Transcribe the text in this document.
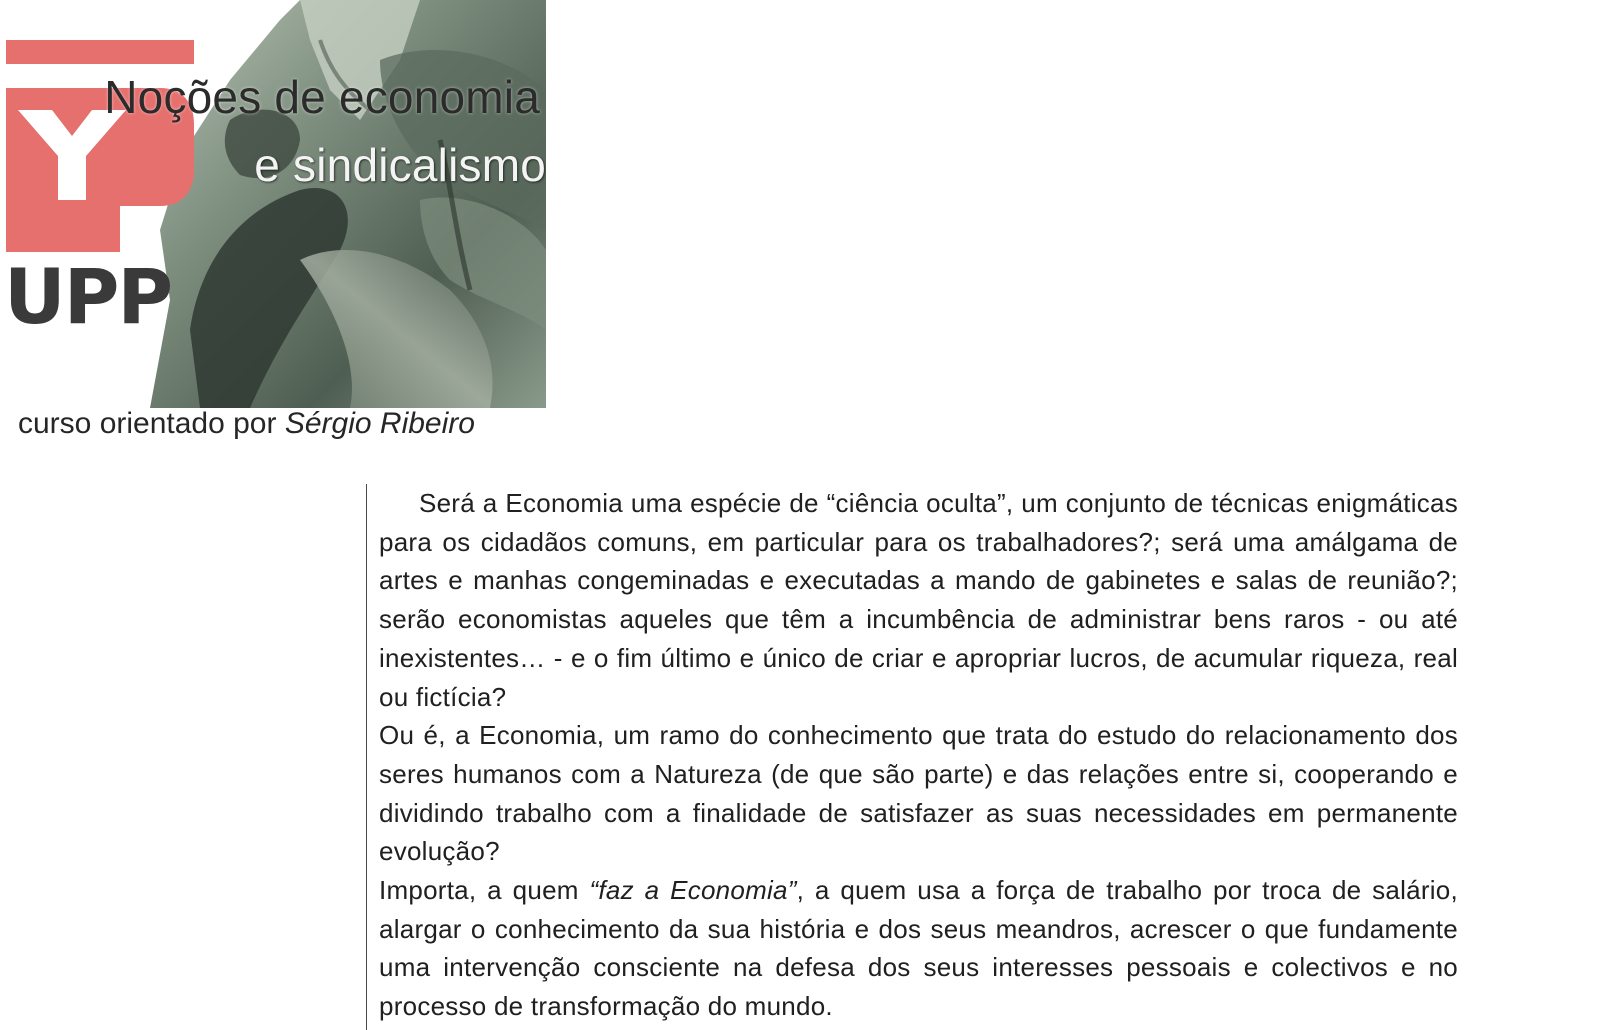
Noções de economia
e sindicalismo
UPP
curso orientado por Sérgio Ribeiro

Será a Economia uma espécie de “ciência oculta”, um conjunto de técnicas enigmáticas para os cidadãos comuns, em particular para os trabalhadores?; será uma amálgama de artes e manhas congeminadas e executadas a mando de gabinetes e salas de reunião?; serão economistas aqueles que têm a incumbência de administrar bens raros - ou até inexistentes… - e o fim último e único de criar e apropriar lucros, de acumular riqueza, real ou fictícia?

Ou é, a Economia, um ramo do conhecimento que trata do estudo do relacionamento dos seres humanos com a Natureza (de que são parte) e das relações entre si, cooperando e dividindo trabalho com a finalidade de satisfazer as suas necessidades em permanente evolução?

Importa, a quem “faz a Economia”, a quem usa a força de trabalho por troca de salário, alargar o conhecimento da sua história e dos seus meandros, acrescer o que fundamente uma intervenção consciente na defesa dos seus interesses pessoais e colectivos e no processo de transformação do mundo.
